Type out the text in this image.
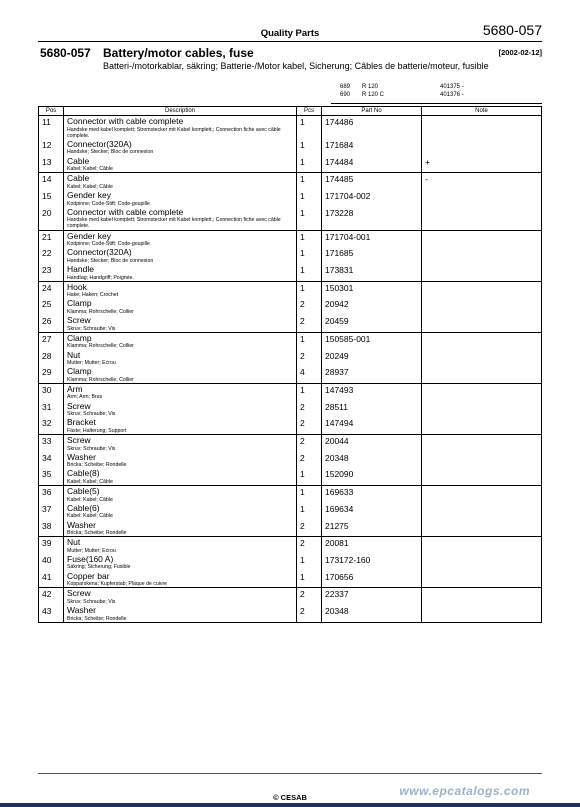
Quality Parts	5680-057
5680-057 Battery/motor cables, fuse	[2002-02-12]
Batteri-/motorkablar, säkring; Batterie-/Motor kabel, Sicherung; Câbles de batterie/moteur, fusible
689	R 120	401375 -
690	R 120 C	401376 -
Pos	Description	Pcs	Part No	Note
11	Connector with cable complete
Handske med kabel komplett; Stromstecker mit Kabel komplett.; Connection fiche avec câble complete.	1	174486	
12	Connector(320A)
Handske; Stecker; Bloc de connexion	1	171684	
13	Cable
Kabel; Kabel; Câble	1	174484	+
14	Cable
Kabel; Kabel; Câble	1	174485	-
15	Gender key
Kodpinne; Code-Stift; Code-goupille	1	171704-002	
20	Connector with cable complete
Handske med kabel komplett; Stromstecker mit Kabel komplett.; Connection fiche avec câble complete.	1	173228	
21	Gender key
Kodpinne; Code-Stift; Code-goupille	1	171704-001	
22	Connector(320A)
Handske; Stecker; Bloc de connexion	1	171685	
23	Handle
Handtag; Handgriff; Poignée.	1	173831	
24	Hook
Hake; Haken; Crochet	1	150301	
25	Clamp
Klamma; Rohrschelle; Collier	2	20942	
26	Screw
Skruv; Schraube; Vis	2	20459	
27	Clamp
Klamma; Rohrschelle; Collier	1	150585-001	
28	Nut
Mutter; Mutter; Ecrou	2	20249	
29	Clamp
Klamma; Rohrschelle; Collier	4	28937	
30	Arm
Arm; Arm; Bras	1	147493	
31	Screw
Skruv; Schraube; Vis	2	28511	
32	Bracket
Fäste; Halterung; Support	2	147494	
33	Screw
Skruv; Schraube; Vis	2	20044	
34	Washer
Bricka; Scheibe; Rondelle	2	20348	
35	Cable(8)
Kabel; Kabel; Câble	1	152090	
36	Cable(5)
Kabel; Kabel; Câble	1	169633	
37	Cable(6)
Kabel; Kabel; Câble	1	169634	
38	Washer
Bricka; Scheibe; Rondelle	2	21275	
39	Nut
Mutter; Mutter; Ecrou	2	20081	
40	Fuse(160 A)
Säkring; Sicherung; Fusible	1	173172-160	
41	Copper bar
Kopparskena; Kupferstab; Plaque de cuivre	1	170656	
42	Screw
Skruv; Schraube; Vis	2	22337	
43	Washer
Bricka; Scheibe; Rondelle	2	20348	
www.epcatalogs.com
© CESAB
